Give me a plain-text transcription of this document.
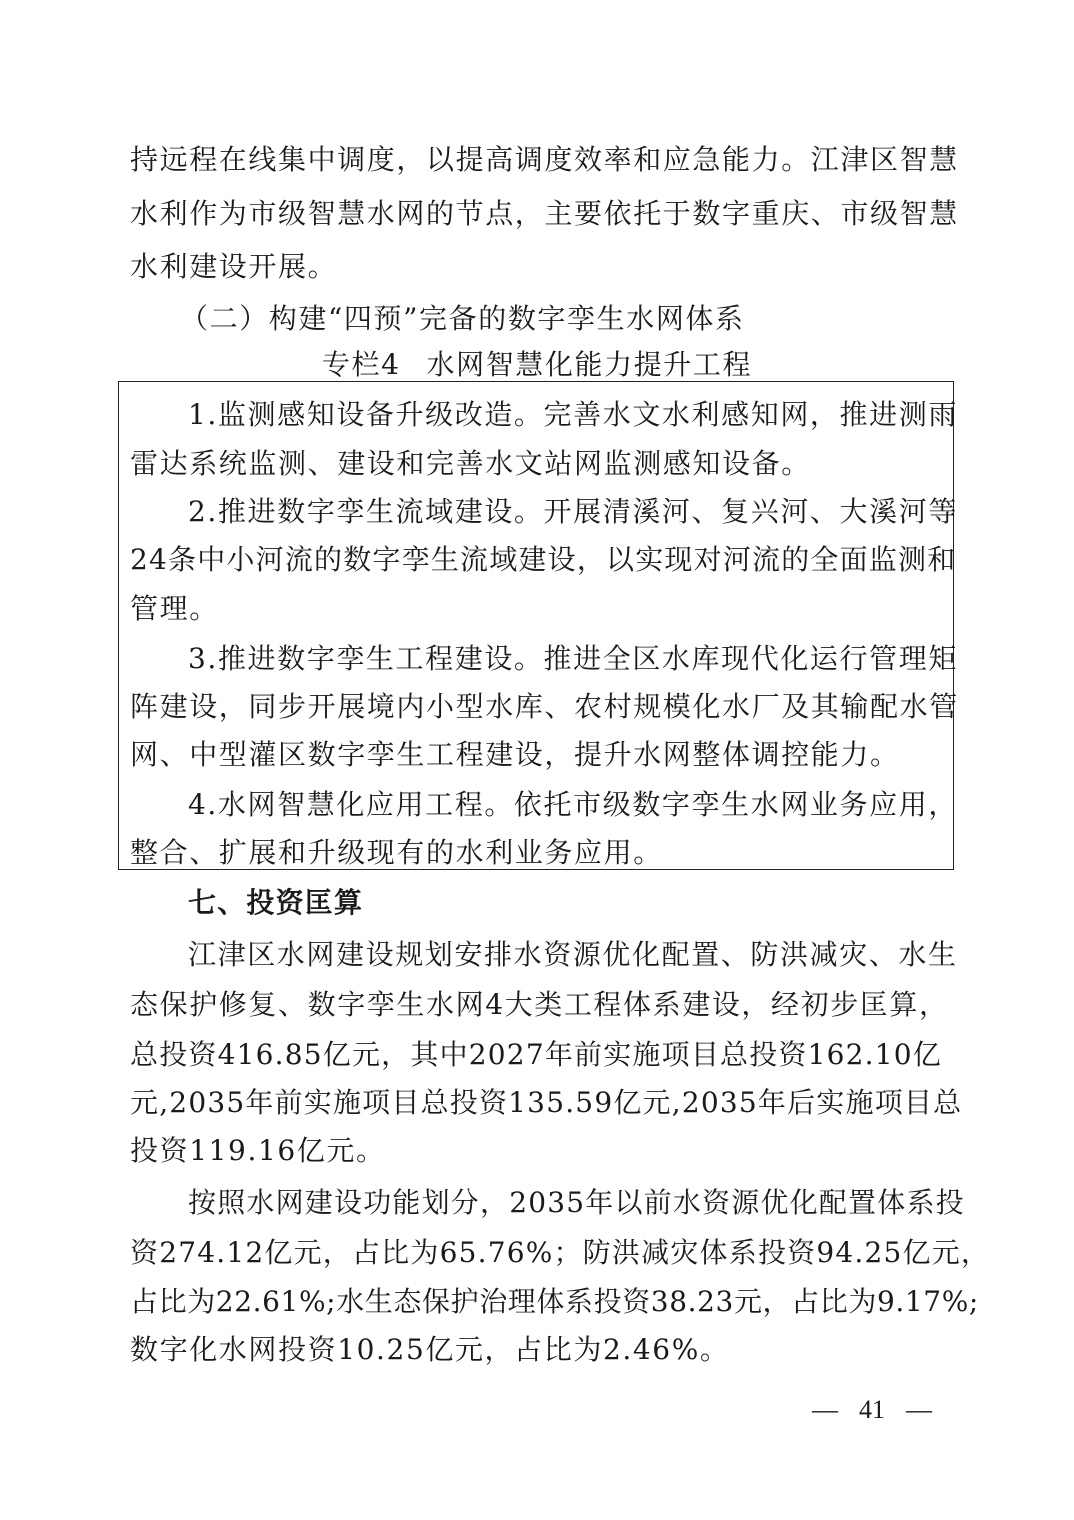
持远程在线集中调度，以提高调度效率和应急能力。江津区智慧
水利作为市级智慧水网的节点，主要依托于数字重庆、市级智慧
水利建设开展。
（二）构建“四预”完备的数字孪生水网体系
专栏4 水网智慧化能力提升工程
1.监测感知设备升级改造。完善水文水利感知网，推进测雨
雷达系统监测、建设和完善水文站网监测感知设备。
2.推进数字孪生流域建设。开展清溪河、复兴河、大溪河等
24条中小河流的数字孪生流域建设，以实现对河流的全面监测和
管理。
3.推进数字孪生工程建设。推进全区水库现代化运行管理矩
阵建设，同步开展境内小型水库、农村规模化水厂及其输配水管
网、中型灌区数字孪生工程建设，提升水网整体调控能力。
4.水网智慧化应用工程。依托市级数字孪生水网业务应用，
整合、扩展和升级现有的水利业务应用。
七、投资匡算
江津区水网建设规划安排水资源优化配置、防洪减灾、水生
态保护修复、数字孪生水网4大类工程体系建设，经初步匡算，
总投资416.85亿元，其中2027年前实施项目总投资162.10亿
元,2035年前实施项目总投资135.59亿元,2035年后实施项目总
投资119.16亿元。
按照水网建设功能划分，2035年以前水资源优化配置体系投
资274.12亿元，占比为65.76%；防洪减灾体系投资94.25亿元，
占比为22.61%;水生态保护治理体系投资38.23元，占比为9.17%;
数字化水网投资10.25亿元，占比为2.46%。
— 41 —
